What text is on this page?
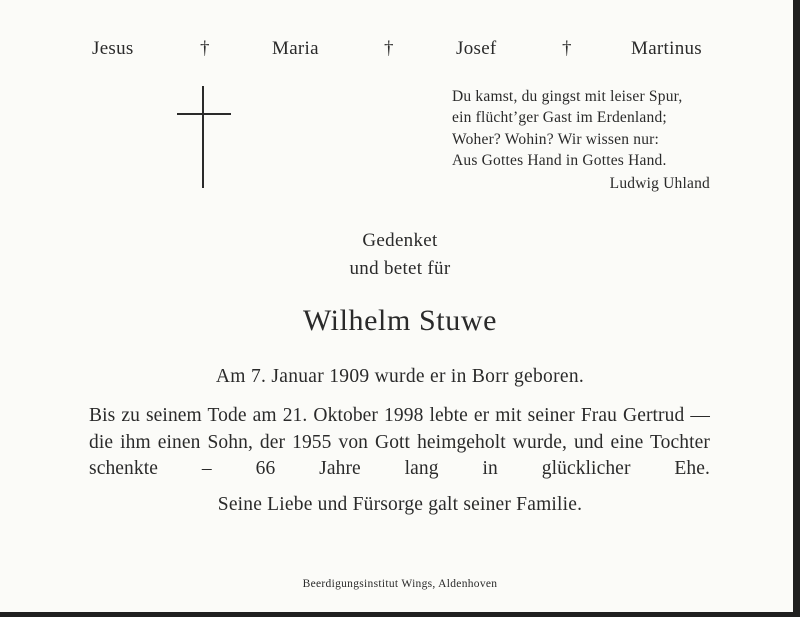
Jesus	†	Maria	†	Josef	†	Martinus
Du kamst, du gingst mit leiser Spur,
ein flücht’ger Gast im Erdenland;
Woher? Wohin? Wir wissen nur:
Aus Gottes Hand in Gottes Hand.
Ludwig Uhland
Gedenket
und betet für
Wilhelm Stuwe
Am 7. Januar 1909 wurde er in Borr geboren.
Bis zu seinem Tode am 21. Oktober 1998 lebte er mit seiner Frau Gertrud — die ihm einen Sohn, der 1955 von Gott heimgeholt wurde, und eine Tochter schenkte – 66 Jahre lang in glücklicher Ehe.
Seine Liebe und Fürsorge galt seiner Familie.
Beerdigungsinstitut Wings, Aldenhoven
